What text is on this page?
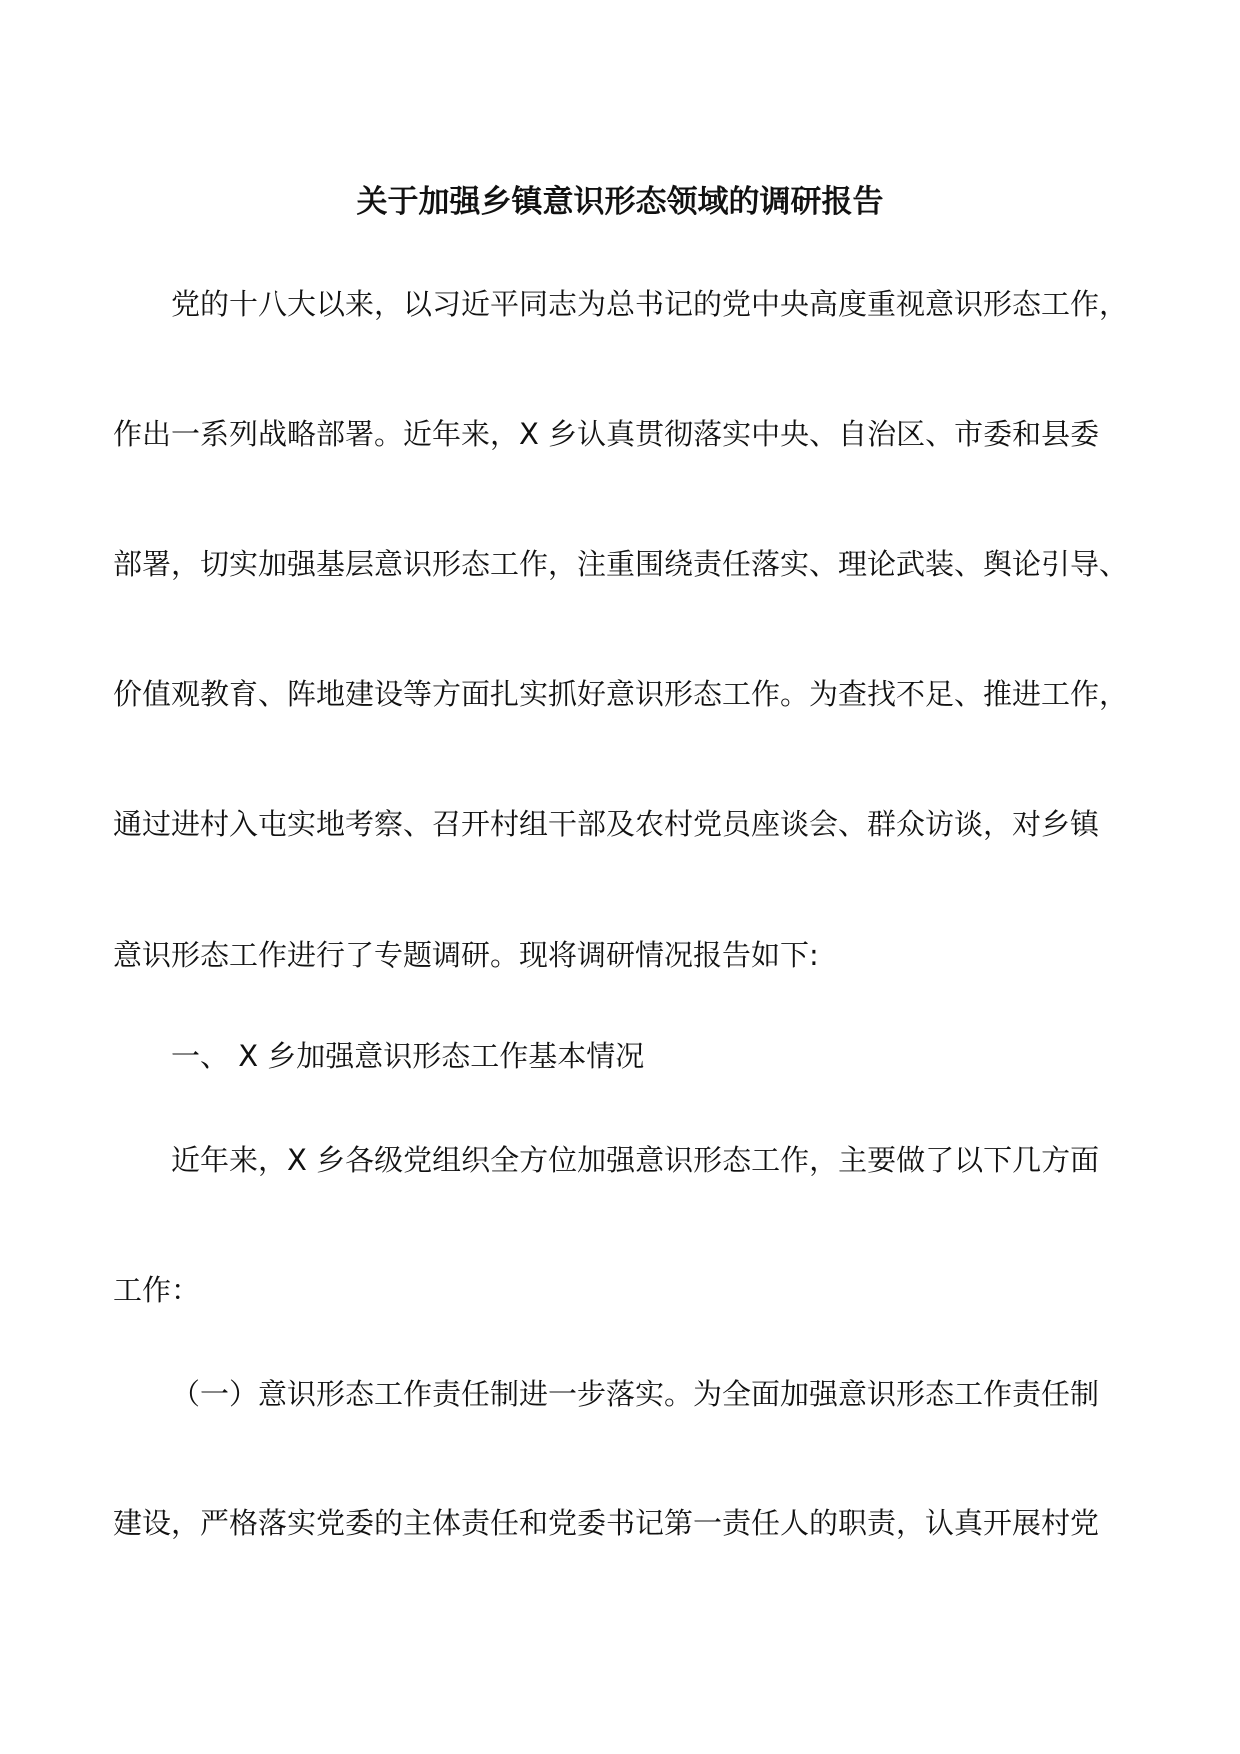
关于加强乡镇意识形态领域的调研报告
党的十八大以来，以习近平同志为总书记的党中央高度重视意识形态工作，
作出一系列战略部署。近年来，X 乡认真贯彻落实中央、自治区、市委和县委
部署，切实加强基层意识形态工作，注重围绕责任落实、理论武装、舆论引导、
价值观教育、阵地建设等方面扎实抓好意识形态工作。为查找不足、推进工作，
通过进村入屯实地考察、召开村组干部及农村党员座谈会、群众访谈，对乡镇
意识形态工作进行了专题调研。现将调研情况报告如下:
一、 X 乡加强意识形态工作基本情况
近年来，X 乡各级党组织全方位加强意识形态工作，主要做了以下几方面
工作：
（一）意识形态工作责任制进一步落实。为全面加强意识形态工作责任制
建设，严格落实党委的主体责任和党委书记第一责任人的职责，认真开展村党
